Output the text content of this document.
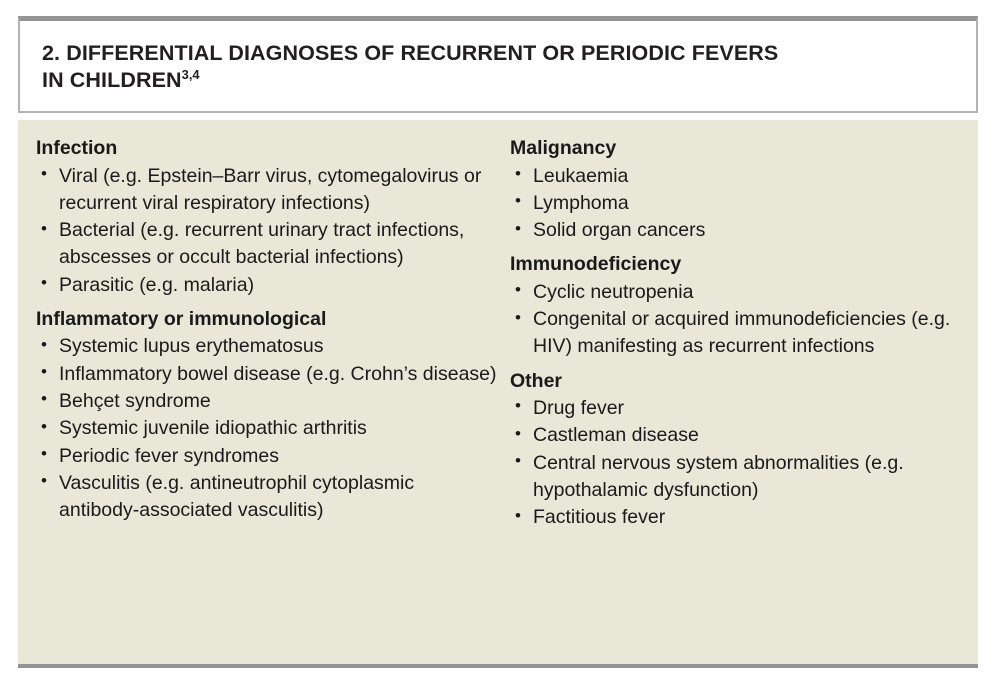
2. DIFFERENTIAL DIAGNOSES OF RECURRENT OR PERIODIC FEVERS
IN CHILDREN$^{3,4}$
Infection
• Viral (e.g. Epstein–Barr virus, cytomegalovirus or recurrent viral respiratory infections)
• Bacterial (e.g. recurrent urinary tract infections, abscesses or occult bacterial infections)
• Parasitic (e.g. malaria)
Inflammatory or immunological
• Systemic lupus erythematosus
• Inflammatory bowel disease (e.g. Crohn’s disease)
• Behçet syndrome
• Systemic juvenile idiopathic arthritis
• Periodic fever syndromes
• Vasculitis (e.g. antineutrophil cytoplasmic antibody-associated vasculitis)
Malignancy
• Leukaemia
• Lymphoma
• Solid organ cancers
Immunodeficiency
• Cyclic neutropenia
• Congenital or acquired immunodeficiencies (e.g. HIV) manifesting as recurrent infections
Other
• Drug fever
• Castleman disease
• Central nervous system abnormalities (e.g. hypothalamic dysfunction)
• Factitious fever
